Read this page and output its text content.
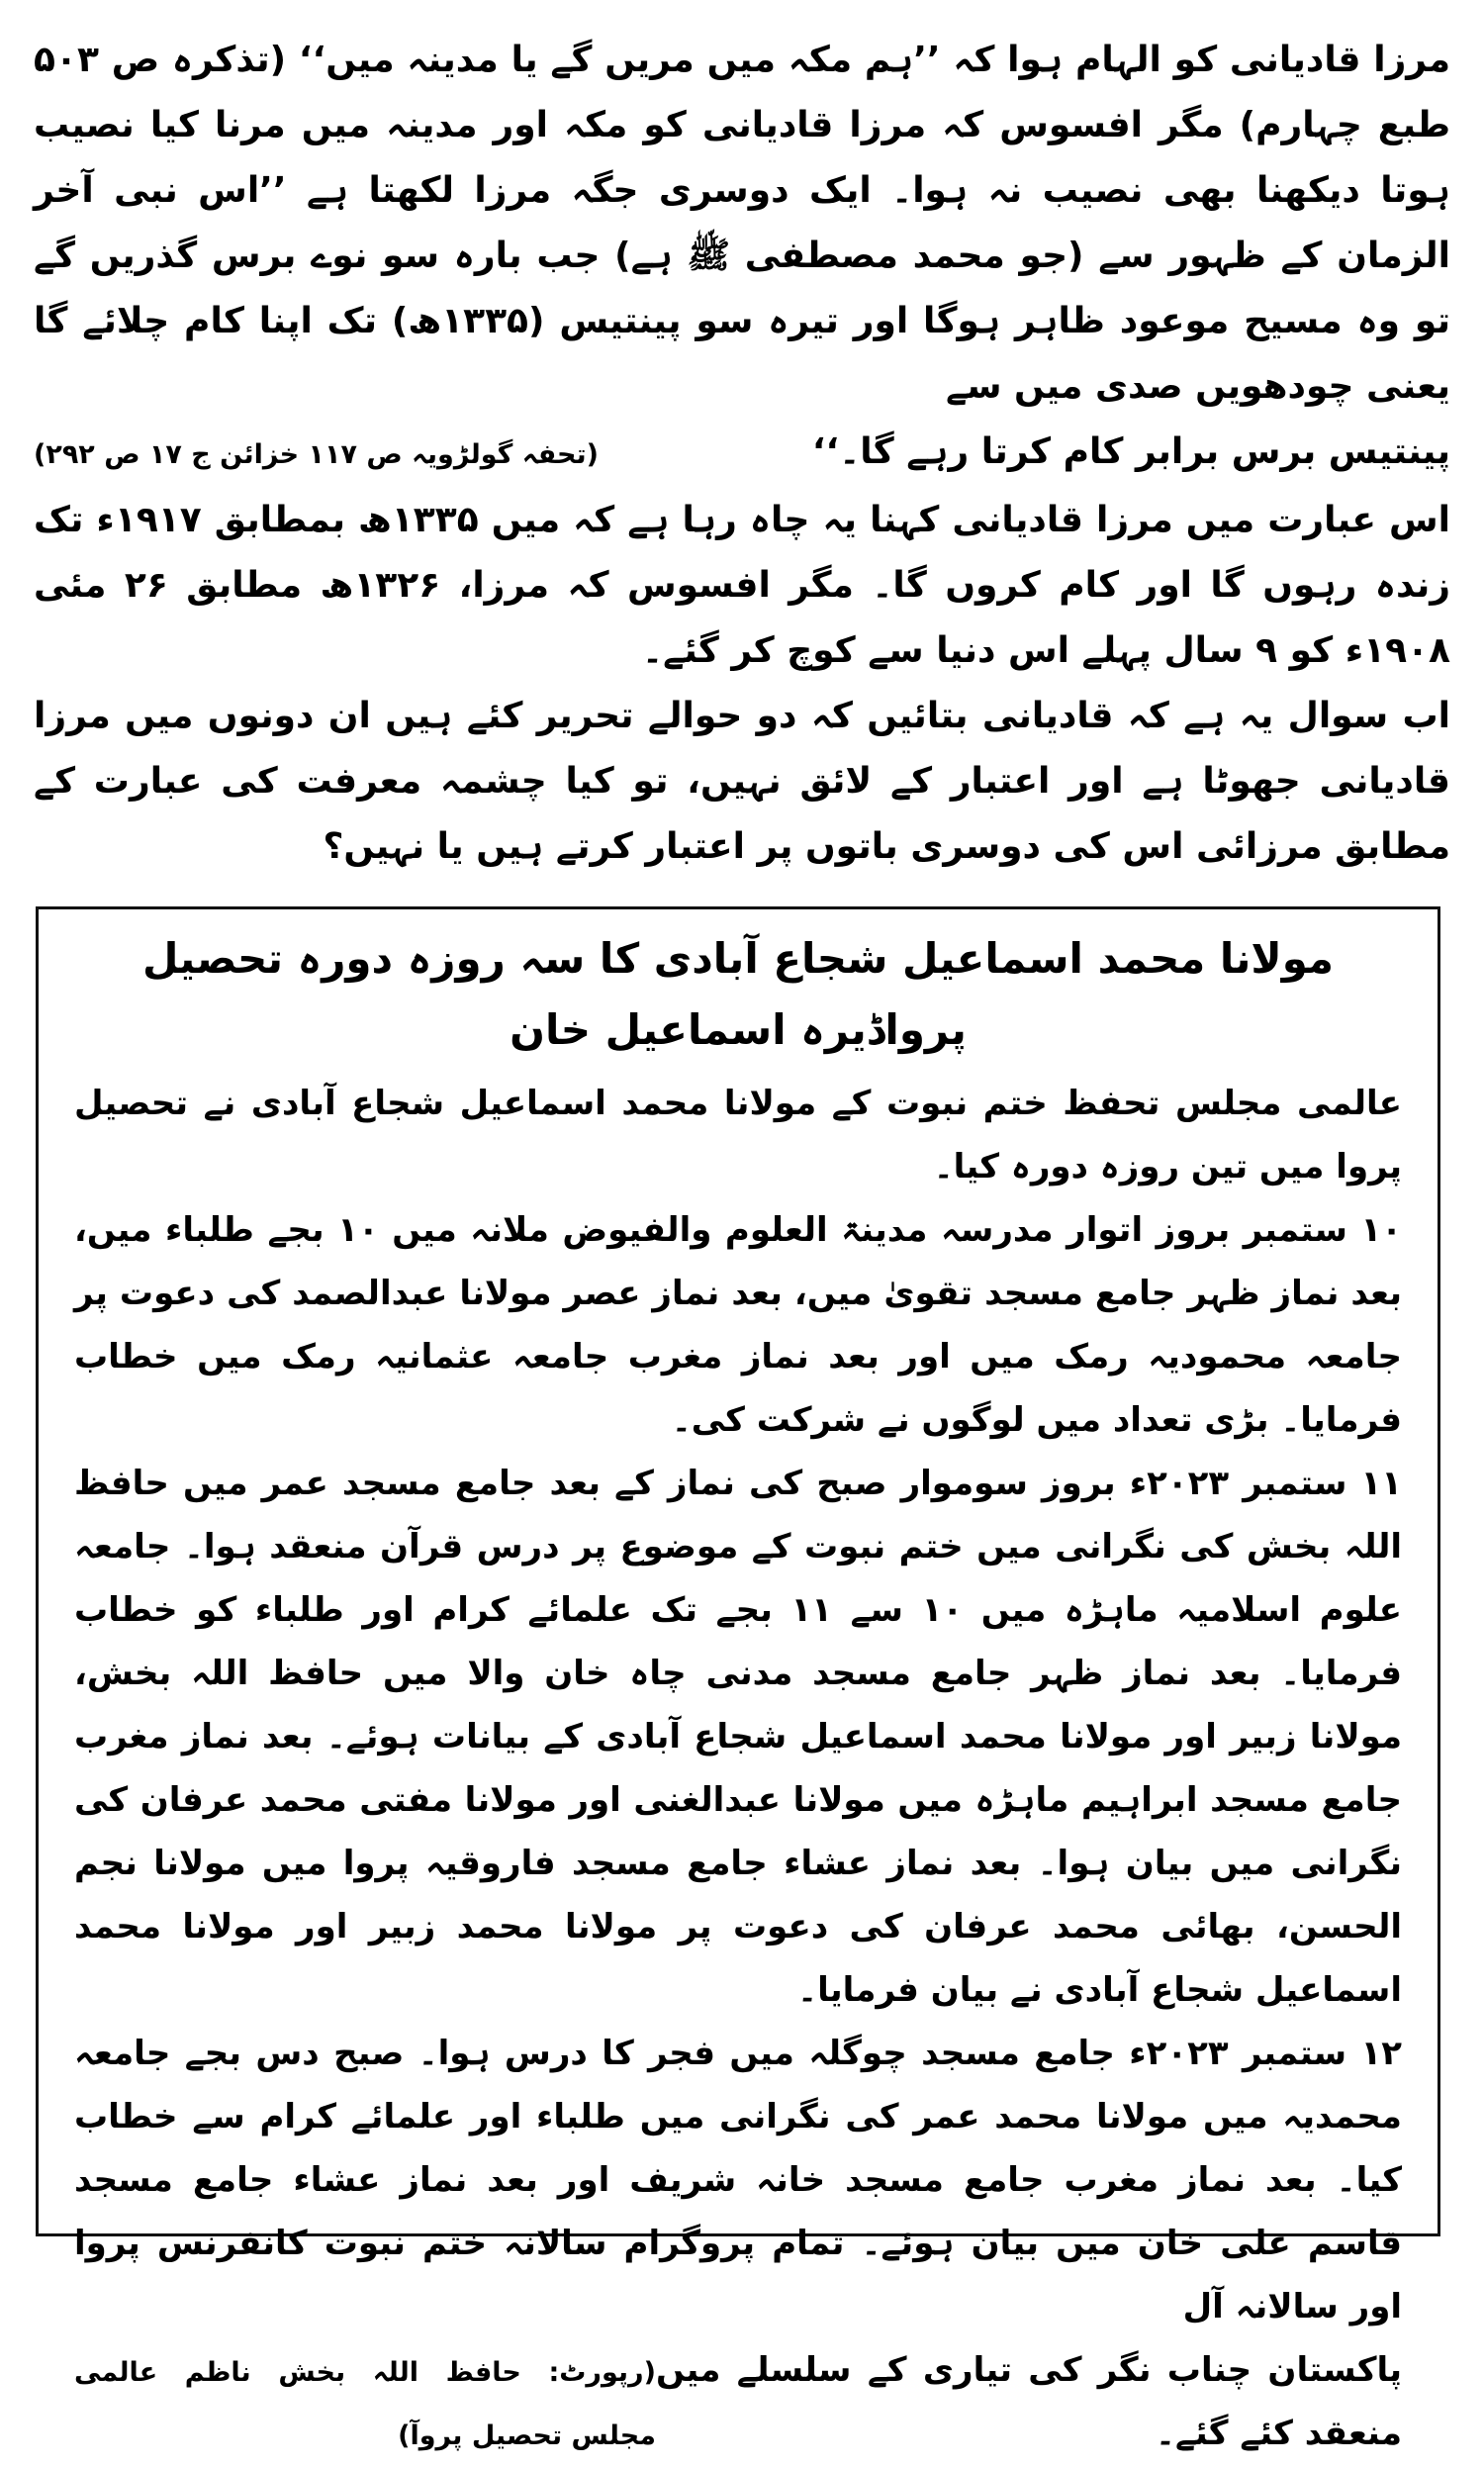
مرزا قادیانی کو الہام ہوا کہ ’’ہم مکہ میں مریں گے یا مدینہ میں‘‘ (تذکرہ ص ۵۰۳ طبع چہارم) مگر افسوس کہ مرزا قادیانی کو مکہ اور مدینہ میں مرنا کیا نصیب ہوتا دیکھنا بھی نصیب نہ ہوا۔ ایک دوسری جگہ مرزا لکھتا ہے ’’اس نبی آخر الزمان کے ظہور سے (جو محمد مصطفی ﷺ ہے) جب بارہ سو نوے برس گذریں گے تو وہ مسیح موعود ظاہر ہوگا اور تیرہ سو پینتیس (۱۳۳۵ھ) تک اپنا کام چلائے گا یعنی چودھویں صدی میں سے

پینتیس برس برابر کام کرتا رہے گا۔‘‘
(تحفہ گولڑویہ ص ۱۱۷ خزائن ج ۱۷ ص ۲۹۲)

اس عبارت میں مرزا قادیانی کہنا یہ چاہ رہا ہے کہ میں ۱۳۳۵ھ بمطابق ۱۹۱۷ء تک زندہ رہوں گا اور کام کروں گا۔ مگر افسوس کہ مرزا، ۱۳۲۶ھ مطابق ۲۶ مئی ۱۹۰۸ء کو ۹ سال پہلے اس دنیا سے کوچ کر گئے۔

اب سوال یہ ہے کہ قادیانی بتائیں کہ دو حوالے تحریر کئے ہیں ان دونوں میں مرزا قادیانی جھوٹا ہے اور اعتبار کے لائق نہیں، تو کیا چشمہ معرفت کی عبارت کے مطابق مرزائی اس کی دوسری باتوں پر اعتبار کرتے ہیں یا نہیں؟

مولانا محمد اسماعیل شجاع آبادی کا سہ روزہ دورہ تحصیل پرواڈیرہ اسماعیل خان

عالمی مجلس تحفظ ختم نبوت کے مولانا محمد اسماعیل شجاع آبادی نے تحصیل پروا میں تین روزہ دورہ کیا۔

۱۰ ستمبر بروز اتوار مدرسہ مدینۃ العلوم والفیوض ملانہ میں ۱۰ بجے طلباء میں، بعد نماز ظہر جامع مسجد تقویٰ میں، بعد نماز عصر مولانا عبدالصمد کی دعوت پر جامعہ محمودیہ رمک میں اور بعد نماز مغرب جامعہ عثمانیہ رمک میں خطاب فرمایا۔ بڑی تعداد میں لوگوں نے شرکت کی۔

۱۱ ستمبر ۲۰۲۳ء بروز سوموار صبح کی نماز کے بعد جامع مسجد عمر میں حافظ اللہ بخش کی نگرانی میں ختم نبوت کے موضوع پر درس قرآن منعقد ہوا۔ جامعہ علوم اسلامیہ ماہڑہ میں ۱۰ سے ۱۱ بجے تک علمائے کرام اور طلباء کو خطاب فرمایا۔ بعد نماز ظہر جامع مسجد مدنی چاہ خان والا میں حافظ اللہ بخش، مولانا زبیر اور مولانا محمد اسماعیل شجاع آبادی کے بیانات ہوئے۔ بعد نماز مغرب جامع مسجد ابراہیم ماہڑہ میں مولانا عبدالغنی اور مولانا مفتی محمد عرفان کی نگرانی میں بیان ہوا۔ بعد نماز عشاء جامع مسجد فاروقیہ پروا میں مولانا نجم الحسن، بھائی محمد عرفان کی دعوت پر مولانا محمد زبیر اور مولانا محمد اسماعیل شجاع آبادی نے بیان فرمایا۔

۱۲ ستمبر ۲۰۲۳ء جامع مسجد چوگلہ میں فجر کا درس ہوا۔ صبح دس بجے جامعہ محمدیہ میں مولانا محمد عمر کی نگرانی میں طلباء اور علمائے کرام سے خطاب کیا۔ بعد نماز مغرب جامع مسجد خانہ شریف اور بعد نماز عشاء جامع مسجد قاسم علی خان میں بیان ہوئے۔ تمام پروگرام سالانہ ختم نبوت کانفرنس پروا اور سالانہ آل

پاکستان چناب نگر کی تیاری کے سلسلے میں منعقد کئے گئے۔
(رپورٹ: حافظ اللہ بخش ناظم عالمی مجلس تحصیل پروآ)
